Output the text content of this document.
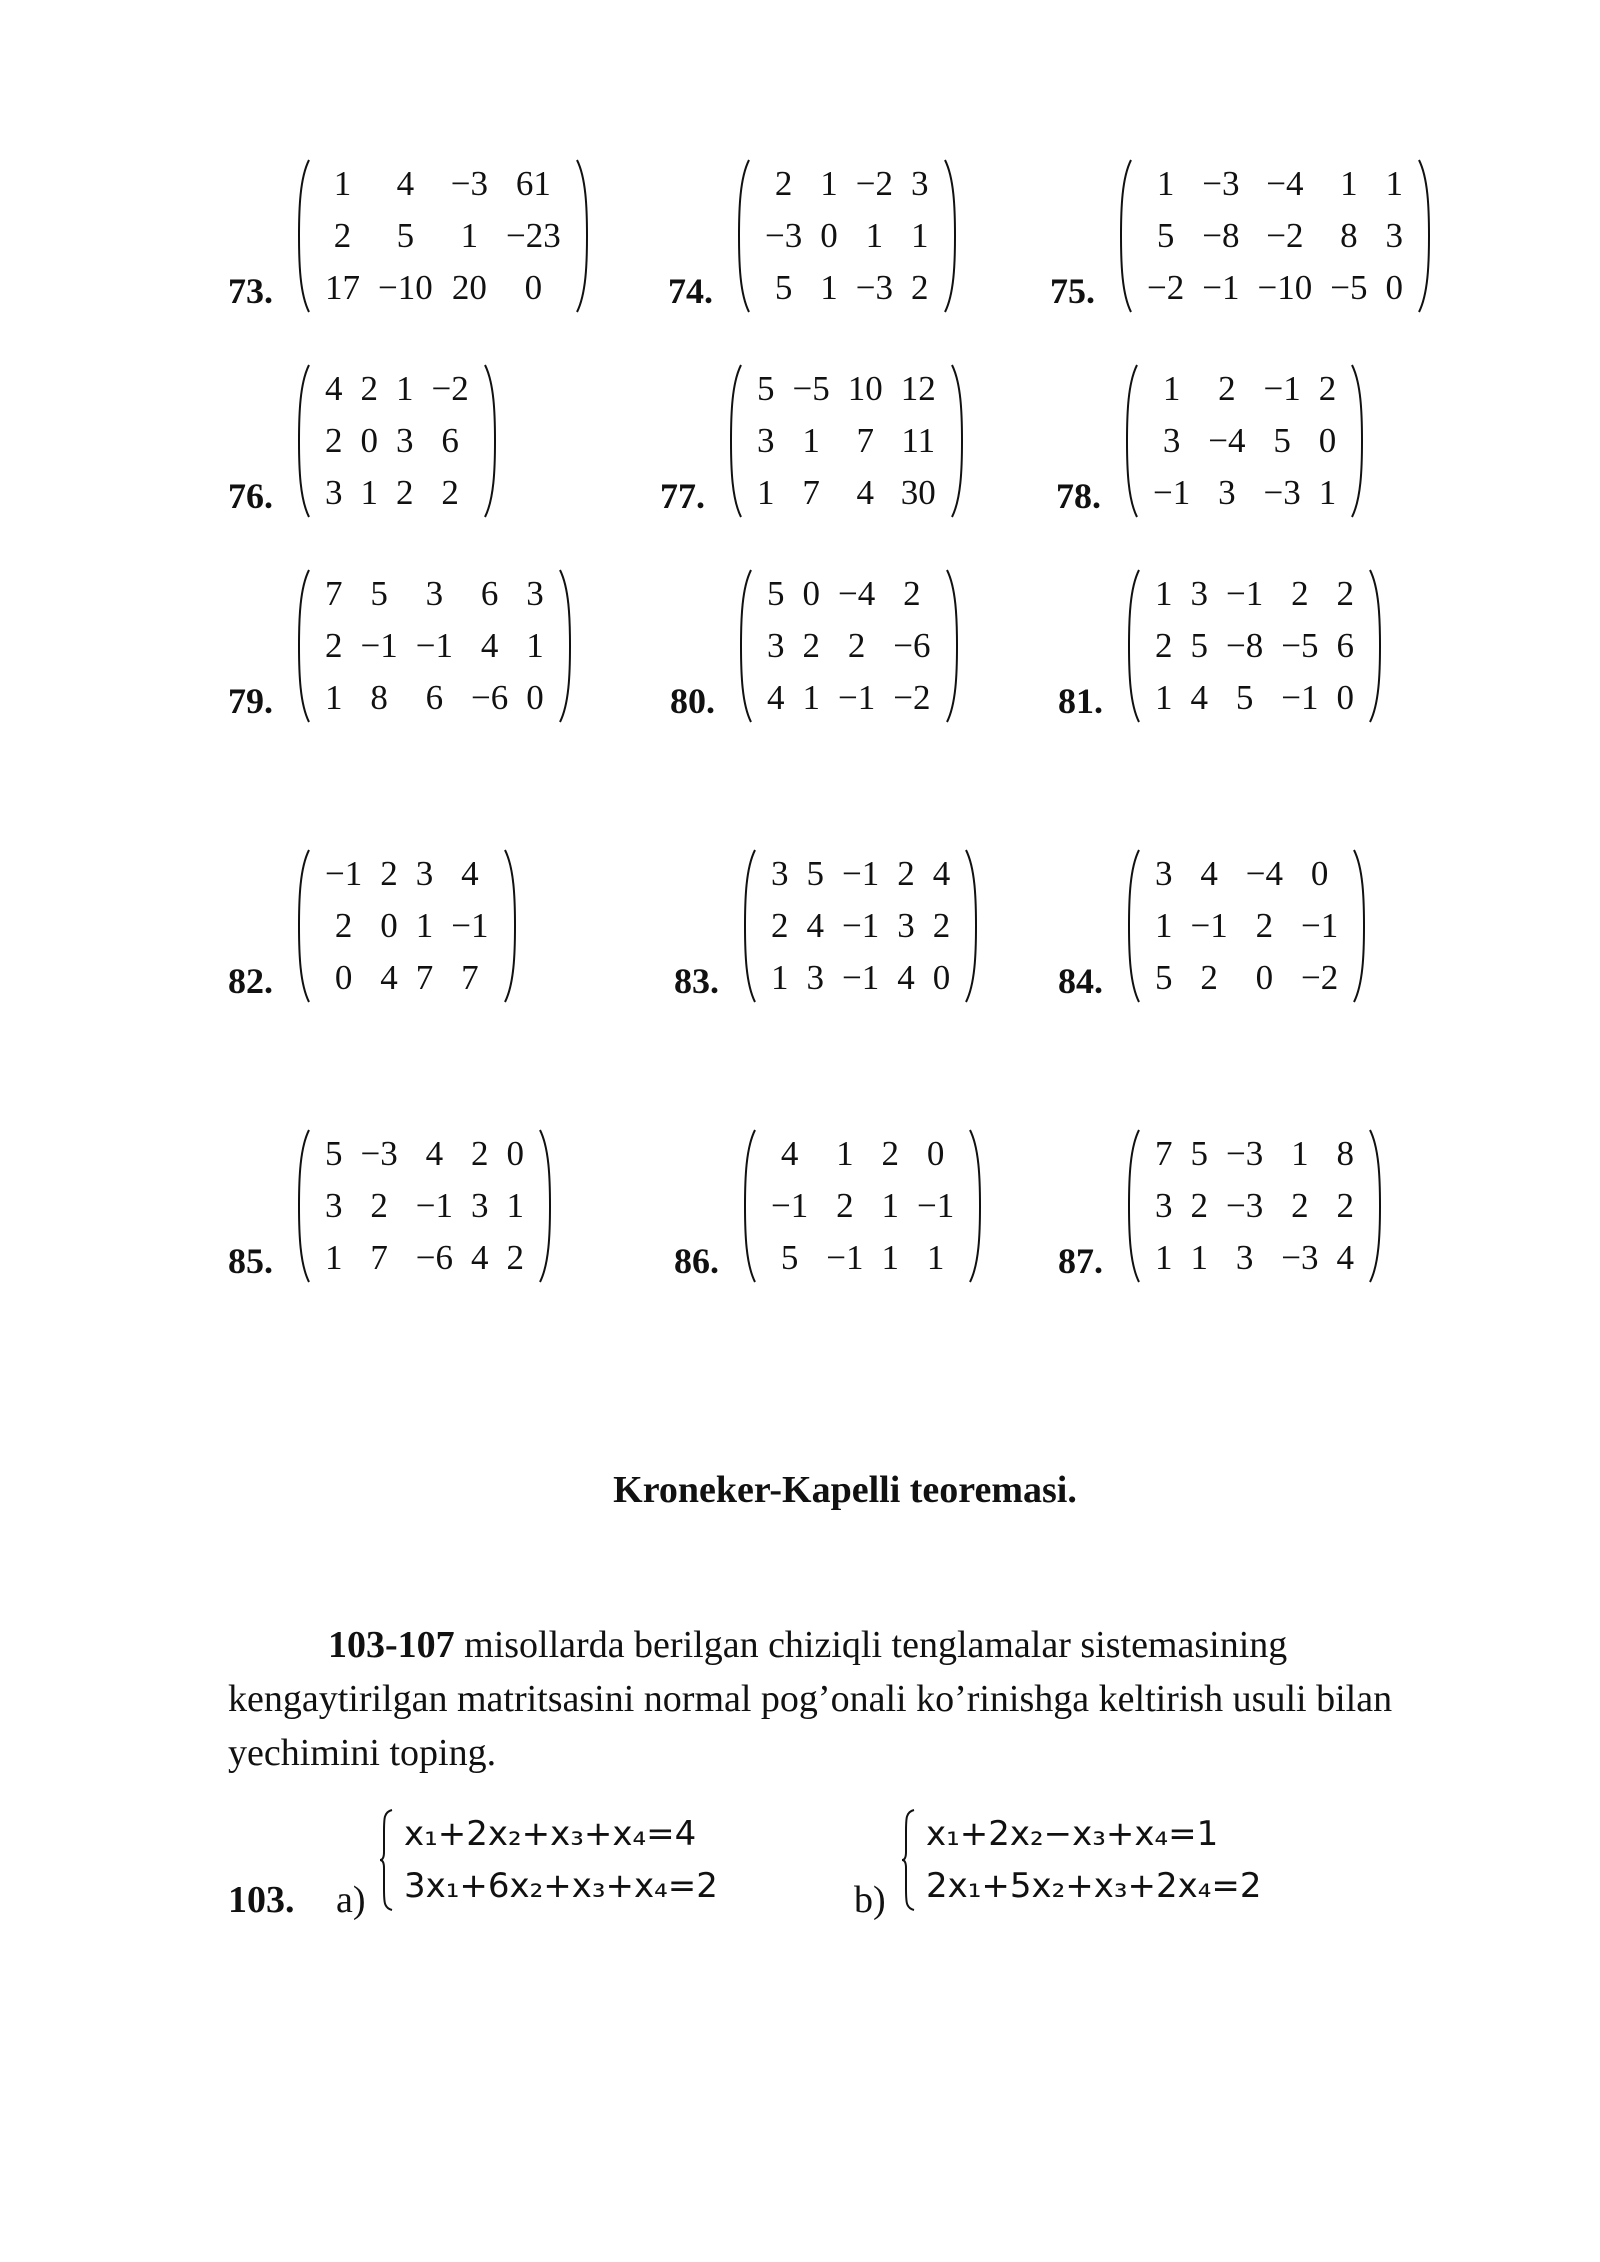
73.
1	4	−3	61
2	5	1	−23
17	−10	20	0	74.
2	1	−2	3
−3	0	1	1
5	1	−3	2	75.
1	−3	−4	1	1
5	−8	−2	8	3
−2	−1	−10	−5	0
76.
4	2	1	−2
2	0	3	6
3	1	2	2	77.
5	−5	10	12
3	1	7	11
1	7	4	30	78.
1	2	−1	2
3	−4	5	0
−1	3	−3	1
79.
7	5	3	6	3
2	−1	−1	4	1
1	8	6	−6	0	80.
5	0	−4	2
3	2	2	−6
4	1	−1	−2	81.
1	3	−1	2	2
2	5	−8	−5	6
1	4	5	−1	0
82.
−1	2	3	4
2	0	1	−1
0	4	7	7	83.
3	5	−1	2	4
2	4	−1	3	2
1	3	−1	4	0	84.
3	4	−4	0
1	−1	2	−1
5	2	0	−2
85.
5	−3	4	2	0
3	2	−1	3	1
1	7	−6	4	2	86.
4	1	2	0
−1	2	1	−1
5	−1	1	1	87.
7	5	−3	1	8
3	2	−3	2	2
1	1	3	−3	4
Kroneker-Kapelli teoremasi.
103-107 misollarda berilgan chiziqli tenglamalar sistemasining kengaytirilgan matritsasini normal pog’onali ko’rinishga keltirish usuli bilan yechimini toping.
103. a)
x₁+2x₂+x₃+x₄=4
3x₁+6x₂+x₃+x₄=2	b)
x₁+2x₂−x₃+x₄=1
2x₁+5x₂+x₃+2x₄=2
